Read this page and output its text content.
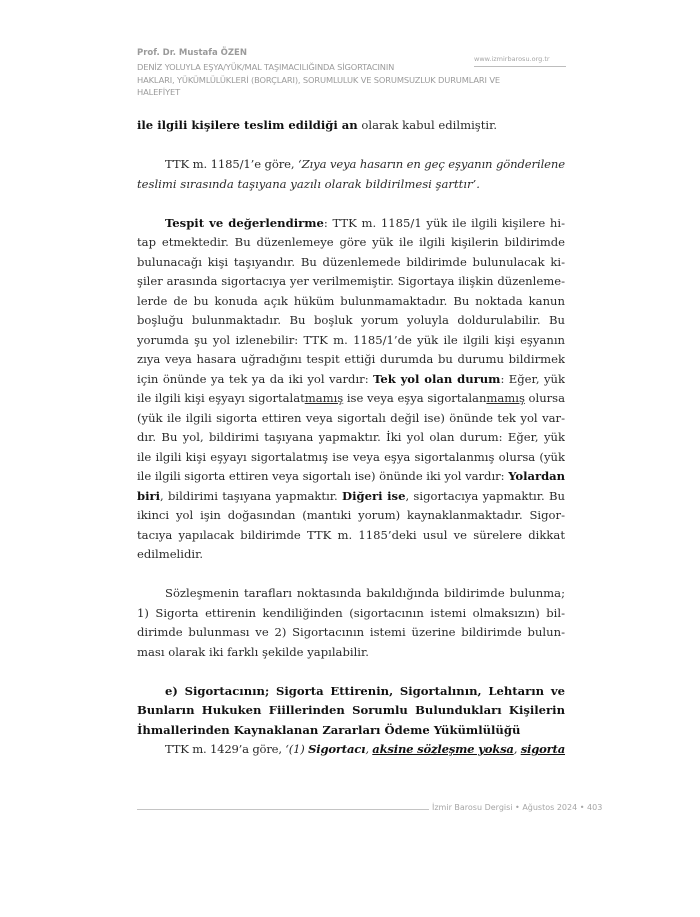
Prof. Dr. Mustafa ÖZEN
www.izmirbarosu.org.tr
DENİZ YOLUYLA EŞYA/YÜK/MAL TAŞIMACILIĞINDA SİGORTACININ
HAKLARI, YÜKÜMLÜLÜKLERİ (BORÇLARI), SORUMLULUK VE SORUMSUZLUK DURUMLARI VE
HALEFİYET
ile ilgili kişilere teslim edildiği an olarak kabul edilmiştir.
TTK m. 1185/1’e göre, ‘Zıya veya hasarın en geç eşyanın gönderilene
teslimi sırasında taşıyana yazılı olarak bildirilmesi şarttır’.
Tespit ve değerlendirme: TTK m. 1185/1 yük ile ilgili kişilere hi-
tap etmektedir. Bu düzenlemeye göre yük ile ilgili kişilerin bildirimde
bulunacağı kişi taşıyandır. Bu düzenlemede bildirimde bulunulacak ki-
şiler arasında sigortacıya yer verilmemiştir. Sigortaya ilişkin düzenleme-
lerde de bu konuda açık hüküm bulunmamaktadır. Bu noktada kanun
boşluğu bulunmaktadır. Bu boşluk yorum yoluyla doldurulabilir. Bu
yorumda şu yol izlenebilir: TTK m. 1185/1’de yük ile ilgili kişi eşyanın
zıya veya hasara uğradığını tespit ettiği durumda bu durumu bildirmek
için önünde ya tek ya da iki yol vardır: Tek yol olan durum: Eğer, yük
ile ilgili kişi eşyayı sigortalatmamış ise veya eşya sigortalanmamış olursa
(yük ile ilgili sigorta ettiren veya sigortalı değil ise) önünde tek yol var-
dır. Bu yol, bildirimi taşıyana yapmaktır. İki yol olan durum: Eğer, yük
ile ilgili kişi eşyayı sigortalatmış ise veya eşya sigortalanmış olursa (yük
ile ilgili sigorta ettiren veya sigortalı ise) önünde iki yol vardır: Yolardan
biri, bildirimi taşıyana yapmaktır. Diğeri ise, sigortacıya yapmaktır. Bu
ikinci yol işin doğasından (mantıki yorum) kaynaklanmaktadır. Sigor-
tacıya yapılacak bildirimde TTK m. 1185’deki usul ve sürelere dikkat
edilmelidir.
Sözleşmenin tarafları noktasında bakıldığında bildirimde bulunma;
1) Sigorta ettirenin kendiliğinden (sigortacının istemi olmaksızın) bil-
dirimde bulunması ve 2) Sigortacının istemi üzerine bildirimde bulun-
ması olarak iki farklı şekilde yapılabilir.
e) Sigortacının; Sigorta Ettirenin, Sigortalının, Lehtarın ve
Bunların Hukuken Fiillerinden Sorumlu Bulundukları Kişilerin
İhmallerinden Kaynaklanan Zararları Ödeme Yükümlülüğü
TTK m. 1429’a göre, ‘(1) Sigortacı, aksine sözleşme yoksa, sigorta
İzmir Barosu Dergisi • Ağustos 2024 • 403
